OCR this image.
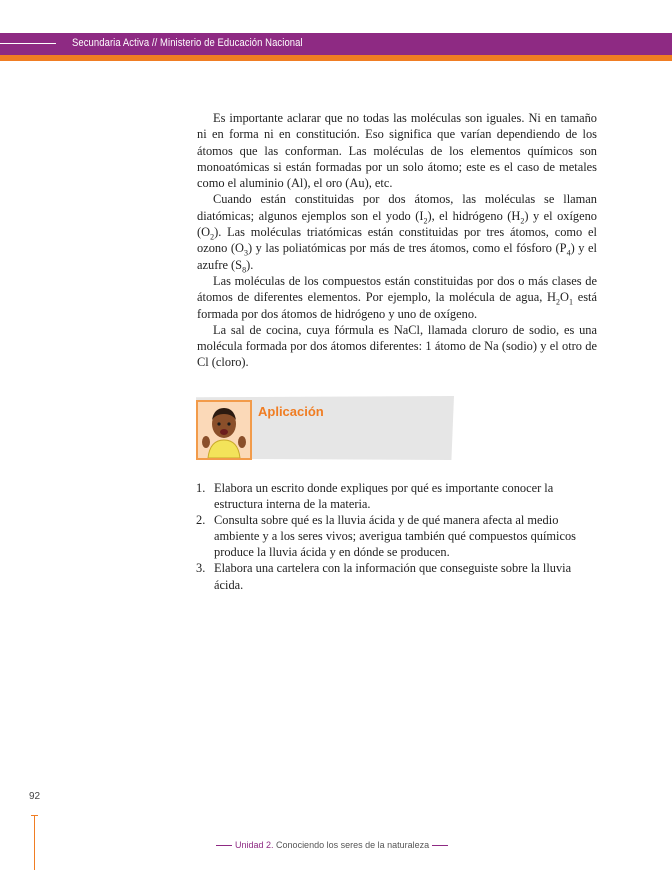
Secundaria Activa // Ministerio de Educación Nacional

Es importante aclarar que no todas las moléculas son iguales. Ni en tamaño ni en forma ni en constitución. Eso significa que varían dependiendo de los átomos que las conforman. Las moléculas de los elementos químicos son monoatómicas si están formadas por un solo átomo; este es el caso de metales como el aluminio (Al), el oro (Au), etc.

Cuando están constituidas por dos átomos, las moléculas se llaman diatómicas; algunos ejemplos son el yodo $(I_2)$, el hidrógeno $(H_2)$ y el oxígeno $(O_2)$. Las moléculas triatómicas están constituidas por tres átomos, como el ozono $(O_3)$ y las poliatómicas por más de tres átomos, como el fósforo $(P_4)$ y el azufre $(S_8)$.

Las moléculas de los compuestos están constituidas por dos o más clases de átomos de diferentes elementos. Por ejemplo, la molécula de agua, $H_2O_1$ está formada por dos átomos de hidrógeno y uno de oxígeno.

La sal de cocina, cuya fórmula es NaCl, llamada cloruro de sodio, es una molécula formada por dos átomos diferentes: 1 átomo de Na (sodio) y el otro de Cl (cloro).

Aplicación
1. Elabora un escrito donde expliques por qué es importante conocer la estructura interna de la materia.
2. Consulta sobre qué es la lluvia ácida y de qué manera afecta al medio ambiente y a los seres vivos; averigua también qué compuestos químicos produce la lluvia ácida y en dónde se producen.
3. Elabora una cartelera con la información que conseguiste sobre la lluvia ácida.
92
Unidad 2.
Conociendo los seres de la naturaleza
